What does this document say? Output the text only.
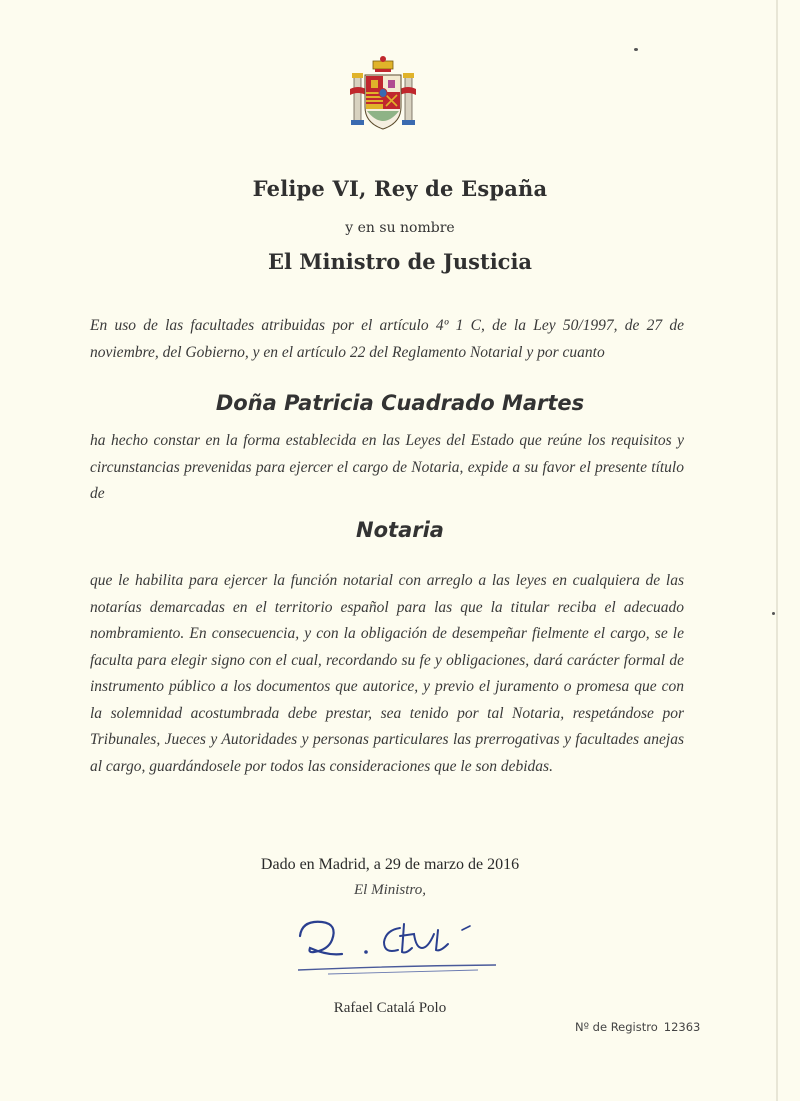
Felipe VI, Rey de España
y en su nombre
El Ministro de Justicia

En uso de las facultades atribuidas por el artículo 4º 1 C, de la Ley 50/1997, de 27 de noviembre, del Gobierno, y en el artículo 22 del Reglamento Notarial y por cuanto

Doña Patricia Cuadrado Martes

ha hecho constar en la forma establecida en las Leyes del Estado que reúne los requisitos y circunstancias prevenidas para ejercer el cargo de Notaria, expide a su favor el presente título de

Notaria

que le habilita para ejercer la función notarial con arreglo a las leyes en cualquiera de las notarías demarcadas en el territorio español para las que la titular reciba el adecuado nombramiento. En consecuencia, y con la obligación de desempeñar fielmente el cargo, se le faculta para elegir signo con el cual, recordando su fe y obligaciones, dará carácter formal de instrumento público a los documentos que autorice, y previo el juramento o promesa que con la solemnidad acostumbrada debe prestar, sea tenido por tal Notaria, respetándose por Tribunales, Jueces y Autoridades y personas particulares las prerrogativas y facultades anejas al cargo, guardándosele por todos las consideraciones que le son debidas.

Dado en Madrid, a 29 de marzo de 2016
El Ministro,
Rafael Catalá Polo
Nº de Registro 12363
